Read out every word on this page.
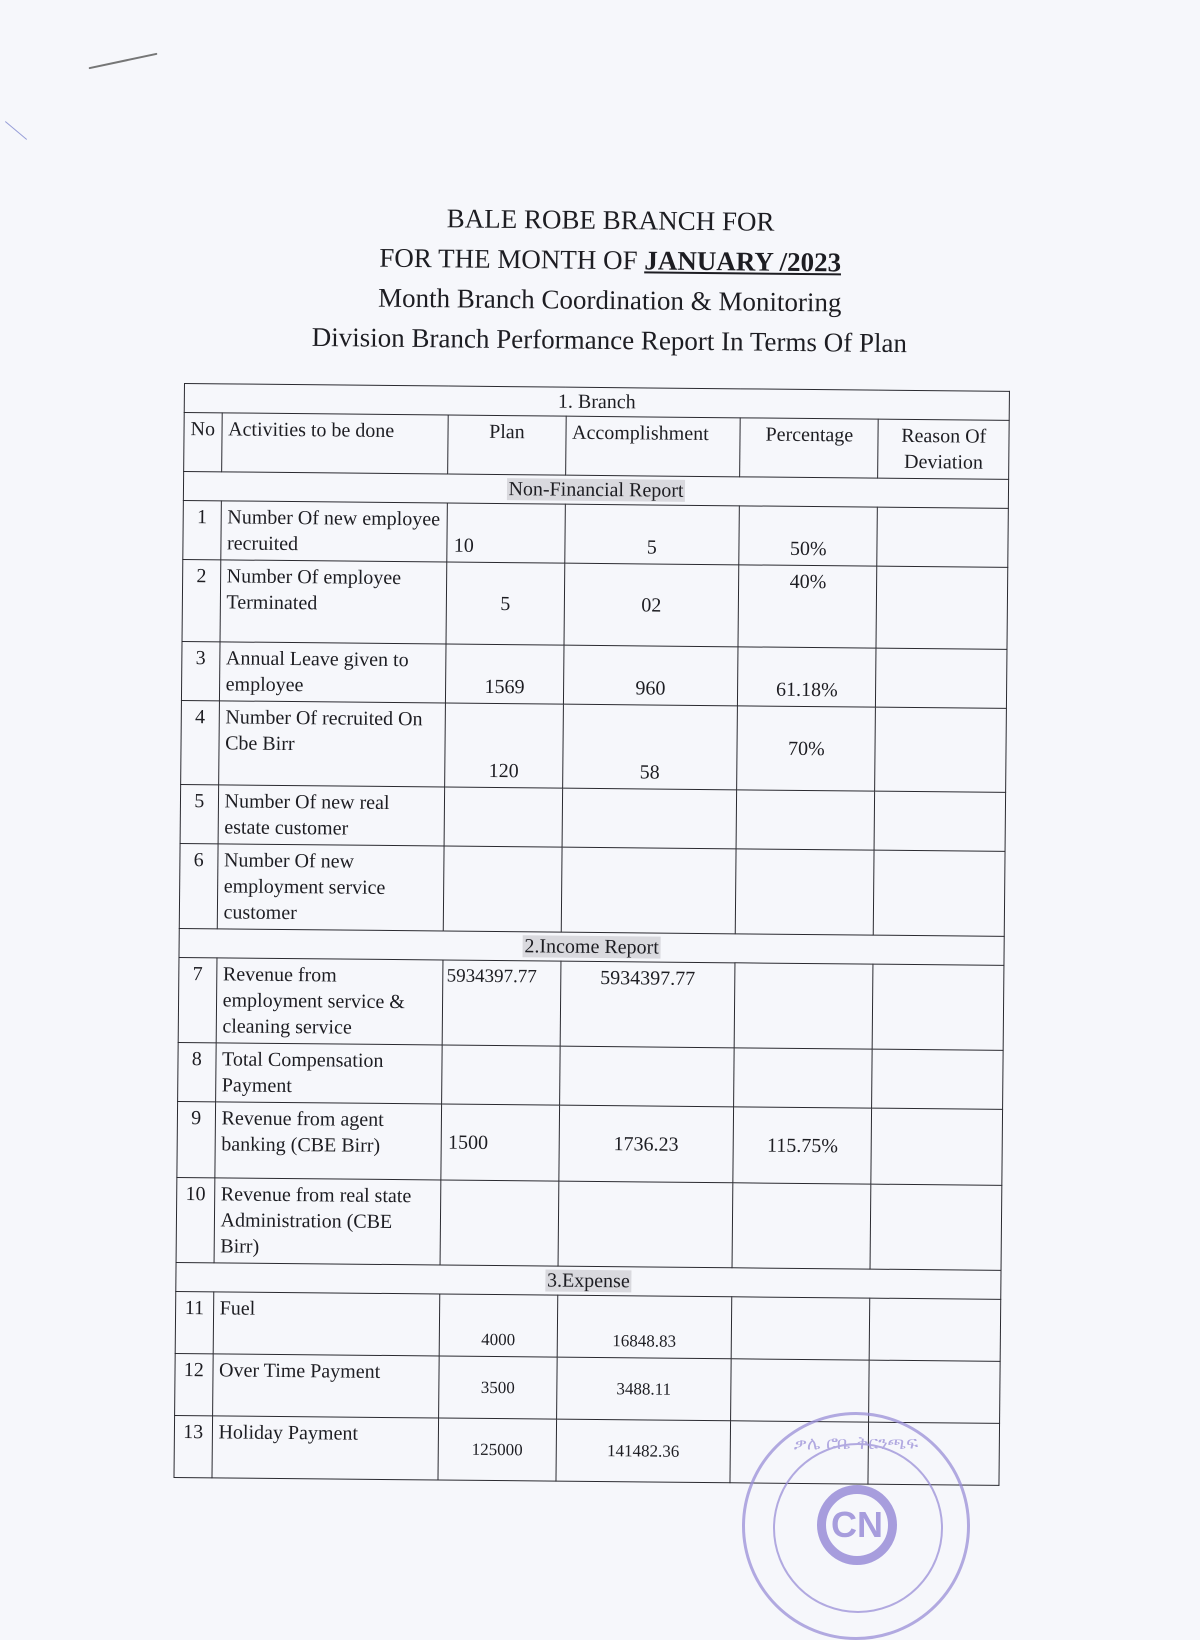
BALE ROBE BRANCH FOR
FOR THE MONTH OF JANUARY /2023
Month Branch Coordination & Monitoring
Division Branch Performance Report In Terms Of Plan
1. Branch					
No	Activities to be done	Plan	Accomplishment	Percentage	Reason Of Deviation
Non-Financial Report					
1	Number Of new employee recruited	10	5	50%	
2	Number Of employee Terminated	5	02	40%	
3	Annual Leave given to employee	1569	960	61.18%	
4	Number Of recruited On Cbe Birr	120	58	70%	
5	Number Of new real estate customer				
6	Number Of new employment service customer				
2.Income Report					
7	Revenue from employment service & cleaning service	5934397.77	5934397.77		
8	Total Compensation Payment				
9	Revenue from agent banking (CBE Birr)	1500	1736.23	115.75%	
10	Revenue from real state Administration (CBE Birr)				
3.Expense					
11	Fuel	4000	16848.83		
12	Over Time Payment	3500	3488.11		
13	Holiday Payment	125000	141482.36			ቃሌ ሮቤ ቅርንጫፍ
CN
